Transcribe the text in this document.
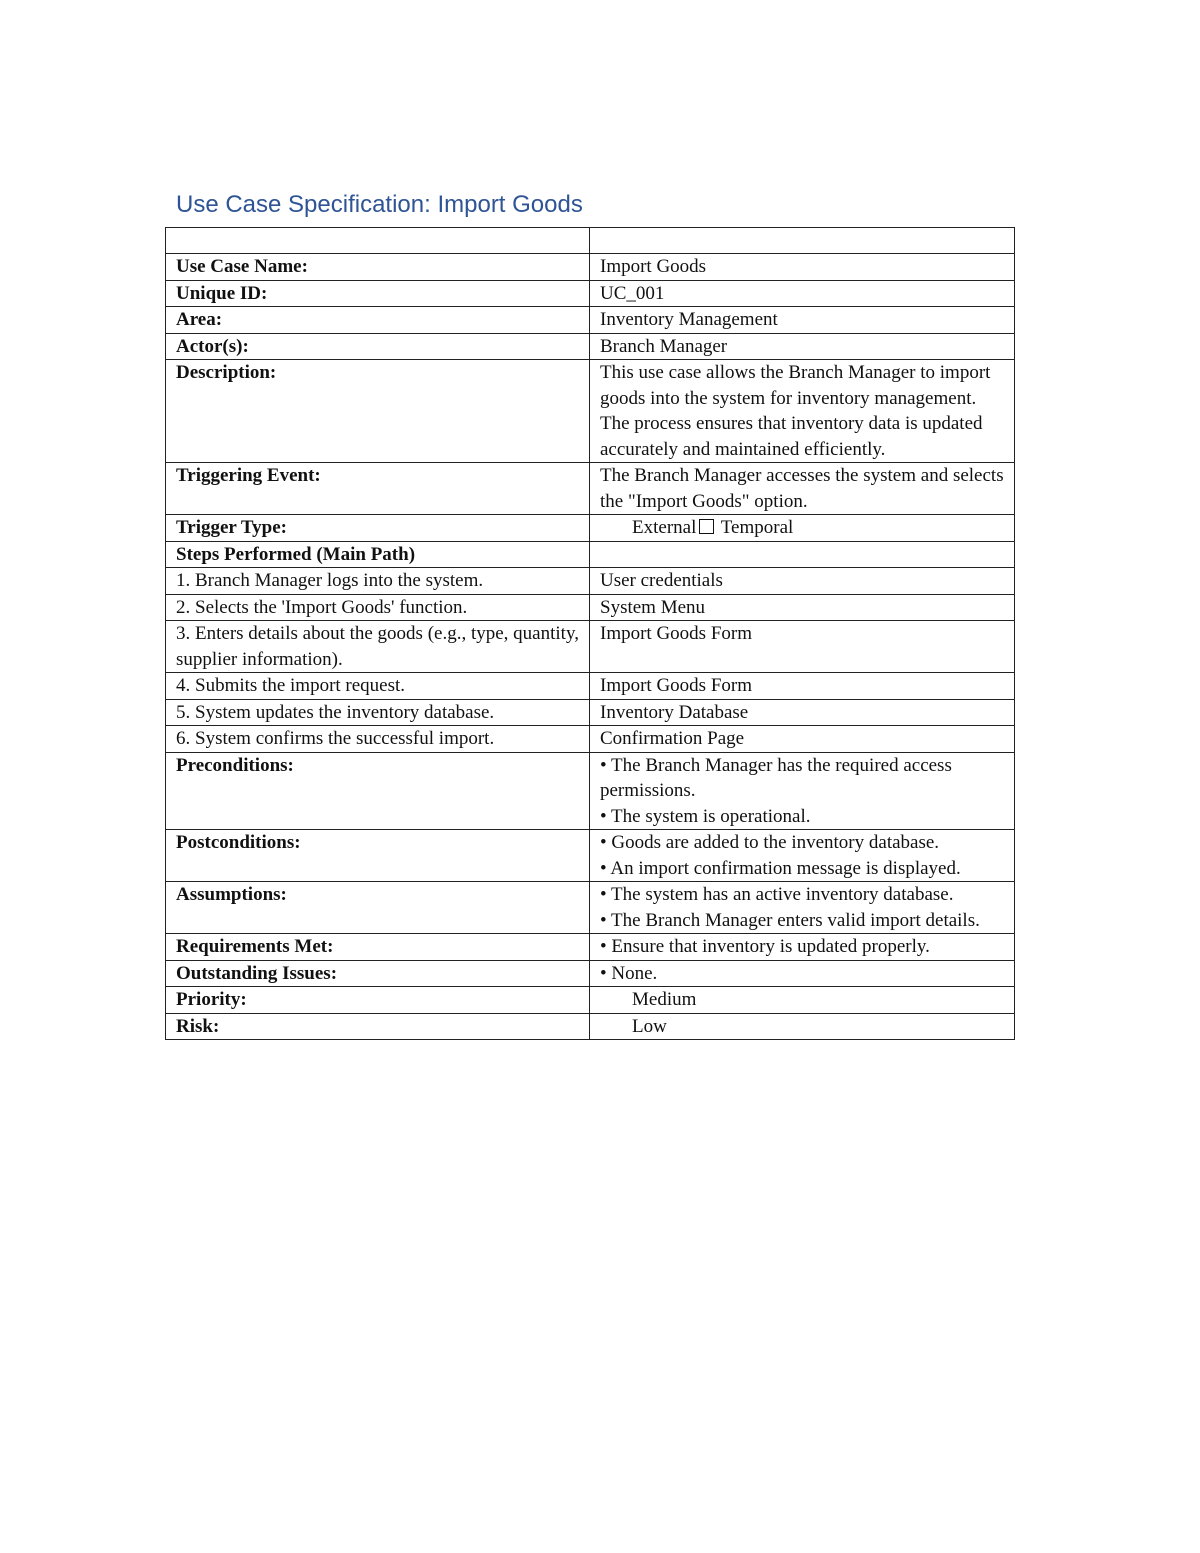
Use Case Specification: Import Goods

Use Case Name:	Import Goods
Unique ID:	UC_001
Area:	Inventory Management
Actor(s):	Branch Manager
Description:	This use case allows the Branch Manager to import goods into the system for inventory management. The process ensures that inventory data is updated accurately and maintained efficiently.
Triggering Event:	The Branch Manager accesses the system and selects the "Import Goods" option.
Trigger Type:	External Temporal
Steps Performed (Main Path)	
1. Branch Manager logs into the system.	User credentials
2. Selects the 'Import Goods' function.	System Menu
3. Enters details about the goods (e.g., type, quantity, supplier information).	Import Goods Form
4. Submits the import request.	Import Goods Form
5. System updates the inventory database.	Inventory Database
6. System confirms the successful import.	Confirmation Page
Preconditions:	• The Branch Manager has the required access permissions.
• The system is operational.

Postconditions:	• Goods are added to the inventory database.
• An import confirmation message is displayed.

Assumptions:	• The system has an active inventory database.
• The Branch Manager enters valid import details.

Requirements Met:	• Ensure that inventory is updated properly.

Outstanding Issues:	• None.
Priority:	Medium
Risk:	Low
